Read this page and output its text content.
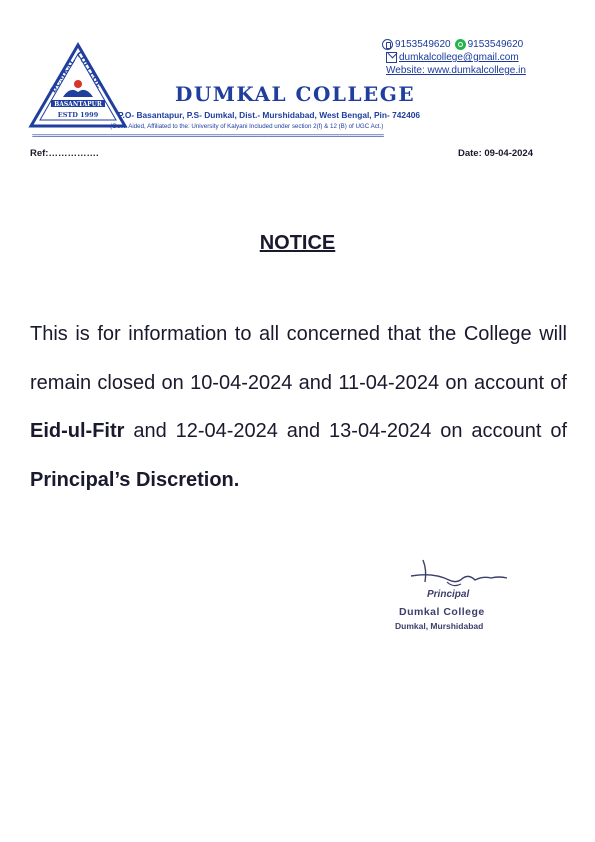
DUMKAL COLLEGE
BASANTAPUR
ESTD 1999
9153549620 9153549620
dumkalcollege@gmail.com
Website: www.dumkalcollege.in
DUMKAL COLLEGE
P.O- Basantapur, P.S- Dumkal, Dist.- Murshidabad, West Bengal, Pin- 742406
(Govt. Aided, Affiliated to the: University of Kalyani Included under section 2(f) & 12 (B) of UGC Act.)
==========================================================================================================
Ref:…………….	Date: 09-04-2024
NOTICE
This is for information to all concerned that the College will remain closed on 10-04-2024 and 11-04-2024 on account of Eid-ul-Fitr and 12-04-2024 and 13-04-2024 on account of Principal’s Discretion.
Principal
Dumkal College
Dumkal, Murshidabad
